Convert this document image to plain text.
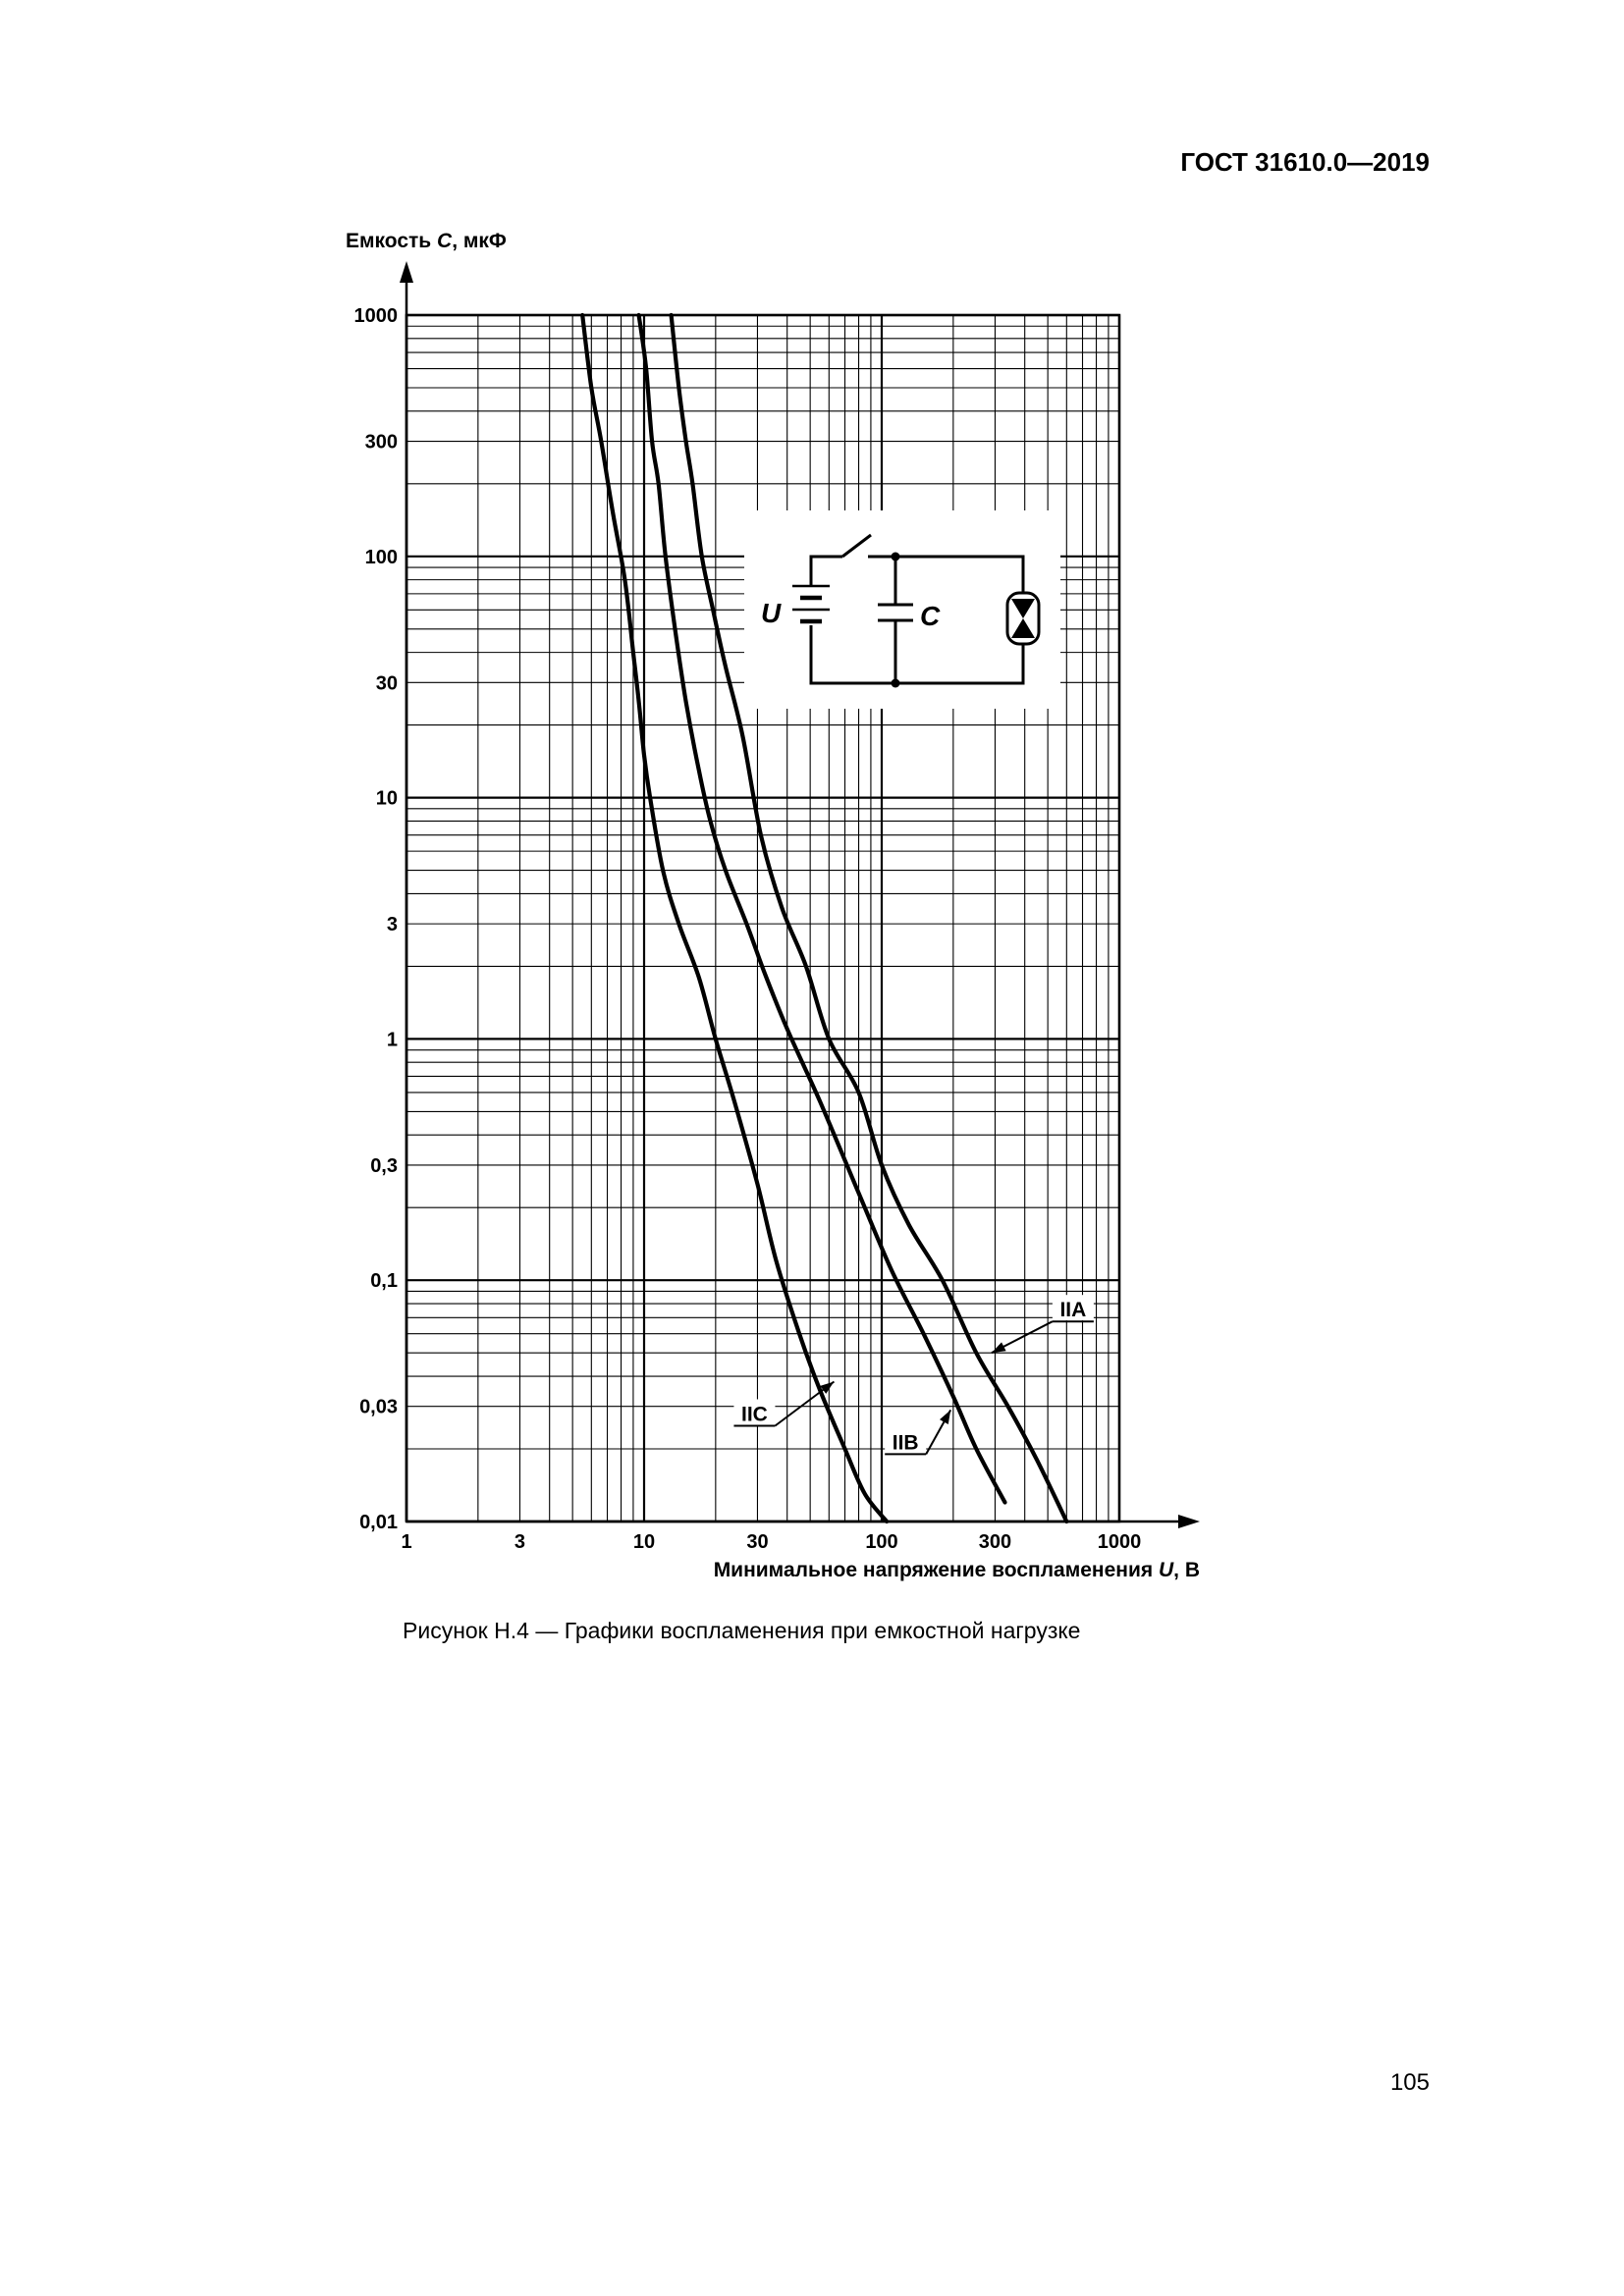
ГОСТ 31610.0—2019
1	3	10	30	100	300	1000
1000
300
100
30
10
3
1
0,3
0,1
0,03
0,01
U	C
IIC
IIB
IIA
Емкость C, мкФ
Минимальное напряжение воспламенения U, В
Рисунок Н.4 — Графики воспламенения при емкостной нагрузке
105
